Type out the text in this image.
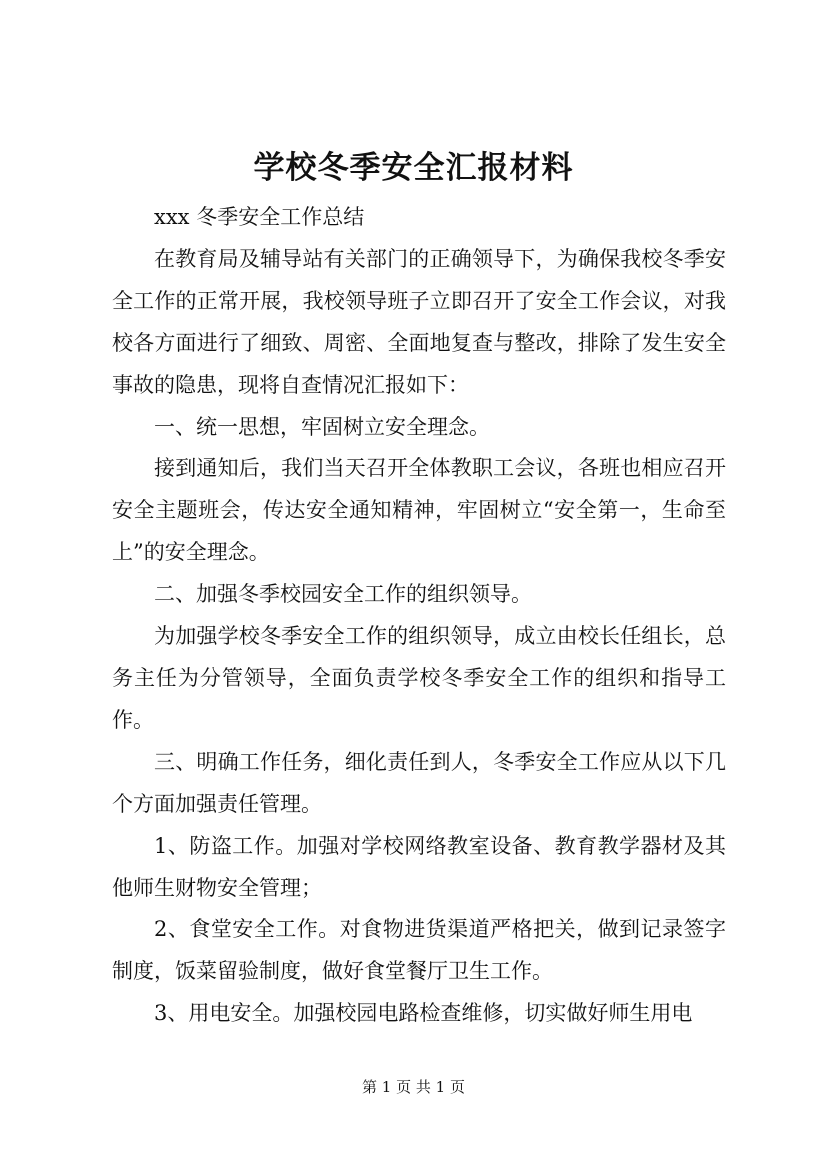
学校冬季安全汇报材料

xxx 冬季安全工作总结

在教育局及辅导站有关部门的正确领导下，为确保我校冬季安全工作的正常开展，我校领导班子立即召开了安全工作会议，对我校各方面进行了细致、周密、全面地复查与整改，排除了发生安全事故的隐患，现将自查情况汇报如下：

一、统一思想，牢固树立安全理念。

接到通知后，我们当天召开全体教职工会议，各班也相应召开安全主题班会，传达安全通知精神，牢固树立“安全第一，生命至上”的安全理念。

二、加强冬季校园安全工作的组织领导。

为加强学校冬季安全工作的组织领导，成立由校长任组长，总务主任为分管领导，全面负责学校冬季安全工作的组织和指导工作。

三、明确工作任务，细化责任到人，冬季安全工作应从以下几个方面加强责任管理。

1、防盗工作。加强对学校网络教室设备、教育教学器材及其他师生财物安全管理；

2、食堂安全工作。对食物进货渠道严格把关，做到记录签字制度，饭菜留验制度，做好食堂餐厅卫生工作。

3、用电安全。加强校园电路检查维修，切实做好师生用电

第 1 页 共 1 页
